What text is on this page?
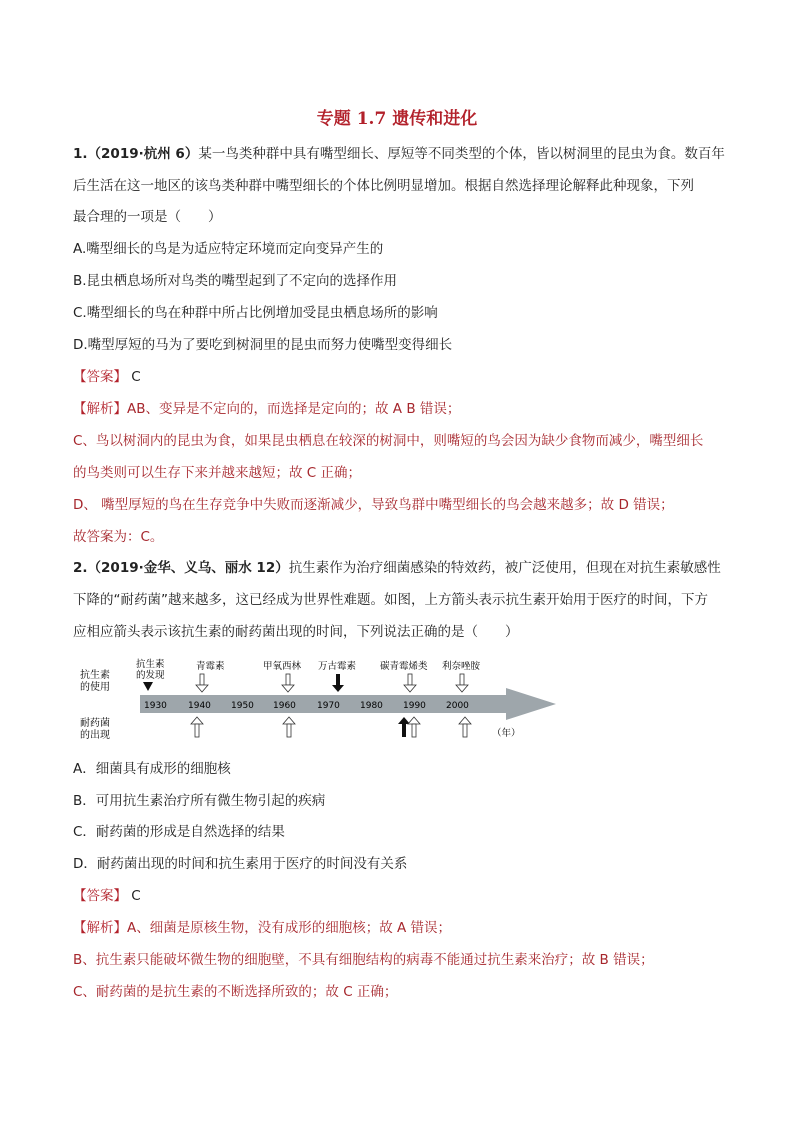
专题 1.7 遗传和进化
1.（2019·杭州 6）某一鸟类种群中具有嘴型细长、厚短等不同类型的个体，皆以树洞里的昆虫为食。数百年
后生活在这一地区的该鸟类种群中嘴型细长的个体比例明显增加。根据自然选择理论解释此种现象，下列
最合理的一项是（　　）
A.嘴型细长的鸟是为适应特定环境而定向变异产生的
B.昆虫栖息场所对鸟类的嘴型起到了不定向的选择作用
C.嘴型细长的鸟在种群中所占比例增加受昆虫栖息场所的影响
D.嘴型厚短的马为了要吃到树洞里的昆虫而努力使嘴型变得细长
【答案】 C
【解析】AB、变异是不定向的，而选择是定向的；故 A B 错误；
C、鸟以树洞内的昆虫为食，如果昆虫栖息在较深的树洞中，则嘴短的鸟会因为缺少食物而减少，嘴型细长
的鸟类则可以生存下来并越来越短；故 C 正确；
D、 嘴型厚短的鸟在生存竞争中失败而逐渐减少，导致鸟群中嘴型细长的鸟会越来越多；故 D 错误；
故答案为：C。
2.（2019·金华、义乌、丽水 12）抗生素作为治疗细菌感染的特效药，被广泛使用，但现在对抗生素敏感性
下降的“耐药菌”越来越多，这已经成为世界性难题。如图，上方箭头表示抗生素开始用于医疗的时间，下方
应相应箭头表示该抗生素的耐药菌出现的时间，下列说法正确的是（　　）
抗生素
的使用
耐药菌
的出现
抗生素
的发现
1930 1940 1950 1960 1970 1980 1990 2000
青霉素	甲氧西林 万古霉素	碳青霉烯类 利奈唑胺
（年）
A．细菌具有成形的细胞核
B．可用抗生素治疗所有微生物引起的疾病
C．耐药菌的形成是自然选择的结果
D．耐药菌出现的时间和抗生素用于医疗的时间没有关系
【答案】 C
【解析】A、细菌是原核生物，没有成形的细胞核；故 A 错误；
B、抗生素只能破坏微生物的细胞壁，不具有细胞结构的病毒不能通过抗生素来治疗；故 B 错误；
C、耐药菌的是抗生素的不断选择所致的；故 C 正确；
